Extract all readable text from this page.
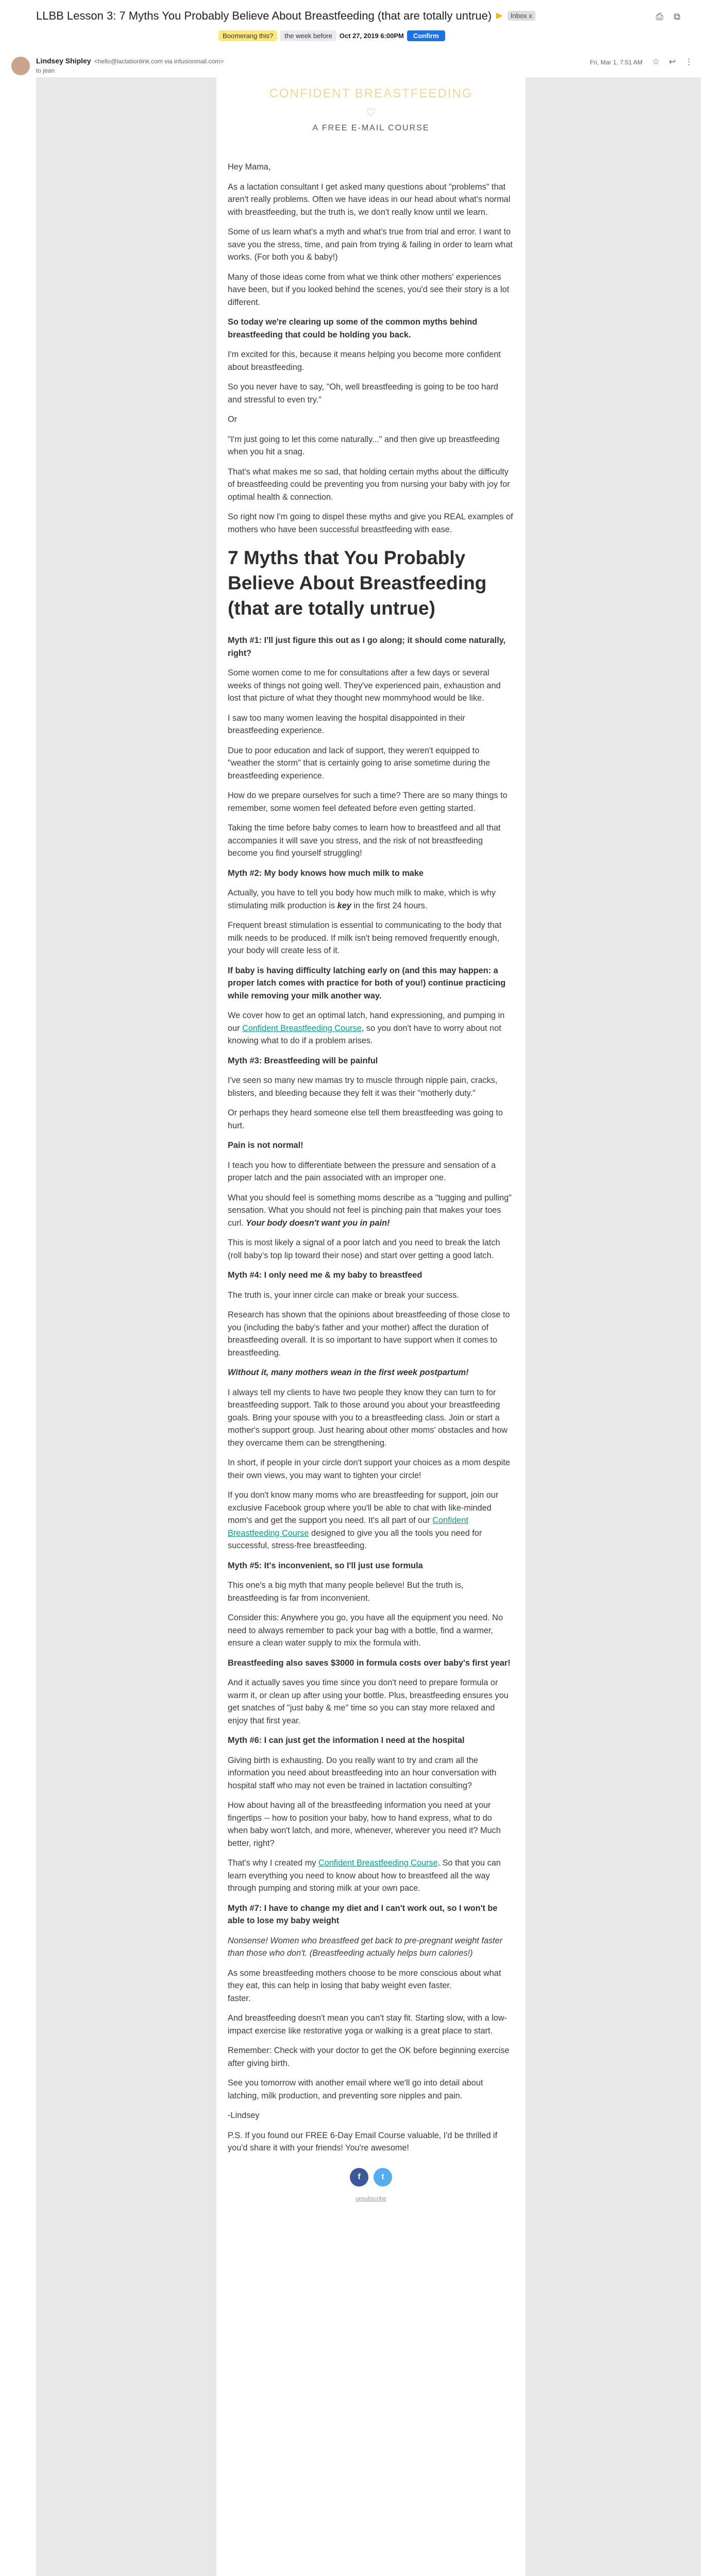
LLBB Lesson 3: 7 Myths You Probably Believe About Breastfeeding (that are totally untrue) ▶	Inbox x	⎙	⧉
Boomerang this?	the week before	Oct 27, 2019 6:00PM	Confirm
Lindsey Shipley <hello@lactationlink.com via infusionmail.com>
to jean
Fri, Mar 1, 7:51 AM ☆ ↩ ⋮
CONFIDENT BREASTFEEDING
♡
A FREE E-MAIL COURSE

Hey Mama,

As a lactation consultant I get asked many questions about "problems" that aren't really problems. Often we have ideas in our head about what's normal with breastfeeding, but the truth is, we don't really know until we learn.

Some of us learn what's a myth and what's true from trial and error. I want to save you the stress, time, and pain from trying & failing in order to learn what works. (For both you & baby!)

Many of those ideas come from what we think other mothers' experiences have been, but if you looked behind the scenes, you'd see their story is a lot different.

So today we're clearing up some of the common myths behind breastfeeding that could be holding you back.

I'm excited for this, because it means helping you become more confident about breastfeeding.

So you never have to say, "Oh, well breastfeeding is going to be too hard and stressful to even try."

Or

"I'm just going to let this come naturally..." and then give up breastfeeding when you hit a snag.

That's what makes me so sad, that holding certain myths about the difficulty of breastfeeding could be preventing you from nursing your baby with joy for optimal health & connection.

So right now I'm going to dispel these myths and give you REAL examples of mothers who have been successful breastfeeding with ease.

7 Myths that You Probably Believe About Breastfeeding (that are totally untrue)

Myth #1: I'll just figure this out as I go along; it should come naturally, right?

Some women come to me for consultations after a few days or several weeks of things not going well. They've experienced pain, exhaustion and lost that picture of what they thought new mommyhood would be like.

I saw too many women leaving the hospital disappointed in their breastfeeding experience.

Due to poor education and lack of support, they weren't equipped to "weather the storm" that is certainly going to arise sometime during the breastfeeding experience.

How do we prepare ourselves for such a time? There are so many things to remember, some women feel defeated before even getting started.

Taking the time before baby comes to learn how to breastfeed and all that accompanies it will save you stress, and the risk of not breastfeeding become you find yourself struggling!

Myth #2: My body knows how much milk to make

Actually, you have to tell you body how much milk to make, which is why stimulating milk production is key in the first 24 hours.

Frequent breast stimulation is essential to communicating to the body that milk needs to be produced. If milk isn't being removed frequently enough, your body will create less of it.

If baby is having difficulty latching early on (and this may happen: a proper latch comes with practice for both of you!) continue practicing while removing your milk another way.

We cover how to get an optimal latch, hand expressioning, and pumping in our Confident Breastfeeding Course, so you don't have to worry about not knowing what to do if a problem arises.

Myth #3: Breastfeeding will be painful

I've seen so many new mamas try to muscle through nipple pain, cracks, blisters, and bleeding because they felt it was their "motherly duty."

Or perhaps they heard someone else tell them breastfeeding was going to hurt.

Pain is not normal!

I teach you how to differentiate between the pressure and sensation of a proper latch and the pain associated with an improper one.

What you should feel is something moms describe as a "tugging and pulling" sensation. What you should not feel is pinching pain that makes your toes curl. Your body doesn't want you in pain!

This is most likely a signal of a poor latch and you need to break the latch (roll baby's top lip toward their nose) and start over getting a good latch.

Myth #4: I only need me & my baby to breastfeed

The truth is, your inner circle can make or break your success.

Research has shown that the opinions about breastfeeding of those close to you (including the baby's father and your mother) affect the duration of breastfeeding overall. It is so important to have support when it comes to breastfeeding.

Without it, many mothers wean in the first week postpartum!

I always tell my clients to have two people they know they can turn to for breastfeeding support. Talk to those around you about your breastfeeding goals. Bring your spouse with you to a breastfeeding class. Join or start a mother's support group. Just hearing about other moms' obstacles and how they overcame them can be strengthening.

In short, if people in your circle don't support your choices as a mom despite their own views, you may want to tighten your circle!

If you don't know many moms who are breastfeeding for support, join our exclusive Facebook group where you'll be able to chat with like-minded mom's and get the support you need. It's all part of our Confident Breastfeeding Course designed to give you all the tools you need for successful, stress-free breastfeeding.

Myth #5: It's inconvenient, so I'll just use formula

This one's a big myth that many people believe! But the truth is, breastfeeding is far from inconvenient.

Consider this: Anywhere you go, you have all the equipment you need. No need to always remember to pack your bag with a bottle, find a warmer, ensure a clean water supply to mix the formula with.

Breastfeeding also saves $3000 in formula costs over baby's first year!

And it actually saves you time since you don't need to prepare formula or warm it, or clean up after using your bottle. Plus, breastfeeding ensures you get snatches of "just baby & me" time so you can stay more relaxed and enjoy that first year.

Myth #6: I can just get the information I need at the hospital

Giving birth is exhausting. Do you really want to try and cram all the information you need about breastfeeding into an hour conversation with hospital staff who may not even be trained in lactation consulting?

How about having all of the breastfeeding information you need at your fingertips -- how to position your baby, how to hand express, what to do when baby won't latch, and more, whenever, wherever you need it? Much better, right?

That's why I created my Confident Breastfeeding Course. So that you can learn everything you need to know about how to breastfeed all the way through pumping and storing milk at your own pace.

Myth #7: I have to change my diet and I can't work out, so I won't be able to lose my baby weight

Nonsense! Women who breastfeed get back to pre-pregnant weight faster than those who don't. (Breastfeeding actually helps burn calories!)

As some breastfeeding mothers choose to be more conscious about what they eat, this can help in losing that baby weight even faster.
faster.

And breastfeeding doesn't mean you can't stay fit. Starting slow, with a low-impact exercise like restorative yoga or walking is a great place to start.

Remember: Check with your doctor to get the OK before beginning exercise after giving birth.

See you tomorrow with another email where we'll go into detail about latching, milk production, and preventing sore nipples and pain.

-Lindsey

P.S. If you found our FREE 6-Day Email Course valuable, I'd be thrilled if you'd share it with your friends! You're awesome!

f	t
unsubscribe
